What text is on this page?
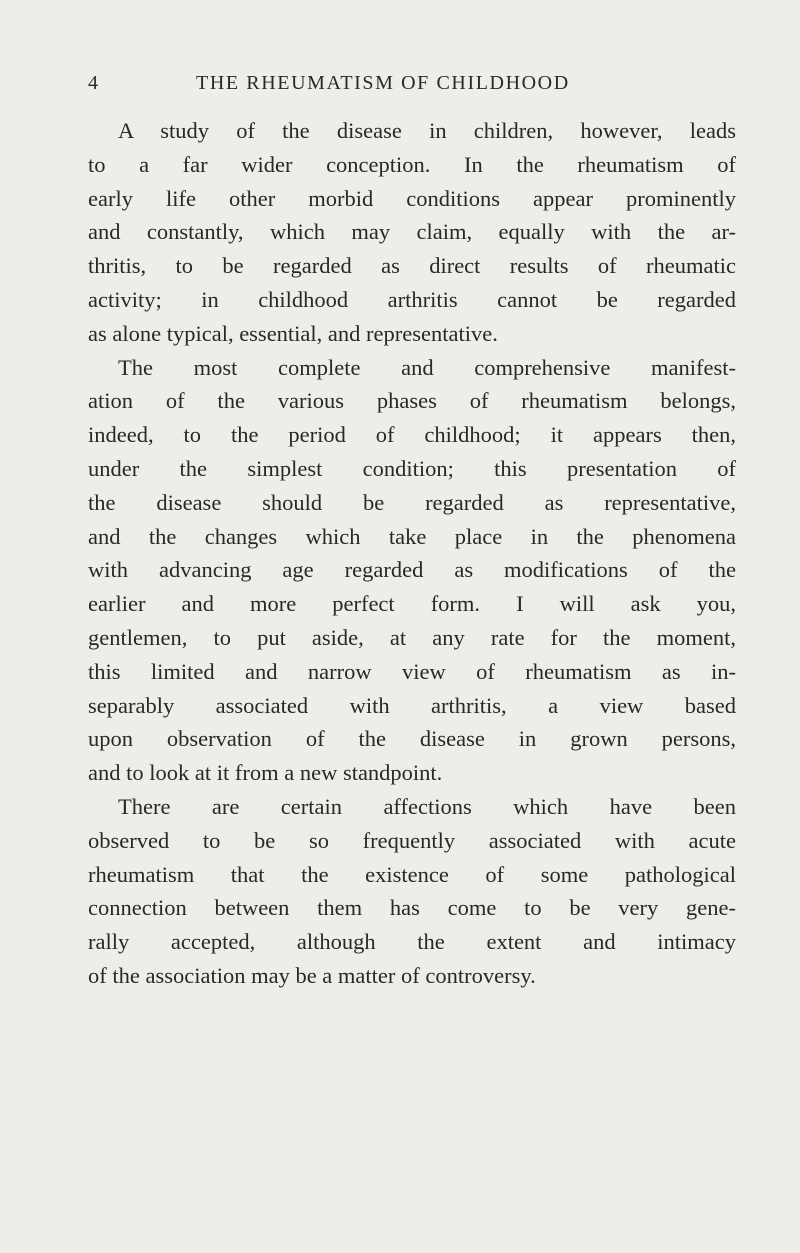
4	THE RHEUMATISM OF CHILDHOOD
A study of the disease in children, however, leads
to a far wider conception. In the rheumatism of
early life other morbid conditions appear prominently
and constantly, which may claim, equally with the ar-
thritis, to be regarded as direct results of rheumatic
activity; in childhood arthritis cannot be regarded
as alone typical, essential, and representative.
The most complete and comprehensive manifest-
ation of the various phases of rheumatism belongs,
indeed, to the period of childhood; it appears then,
under the simplest condition; this presentation of
the disease should be regarded as representative,
and the changes which take place in the phenomena
with advancing age regarded as modifications of the
earlier and more perfect form. I will ask you,
gentlemen, to put aside, at any rate for the moment,
this limited and narrow view of rheumatism as in-
separably associated with arthritis, a view based
upon observation of the disease in grown persons,
and to look at it from a new standpoint.
There are certain affections which have been
observed to be so frequently associated with acute
rheumatism that the existence of some pathological
connection between them has come to be very gene-
rally accepted, although the extent and intimacy
of the association may be a matter of controversy.
